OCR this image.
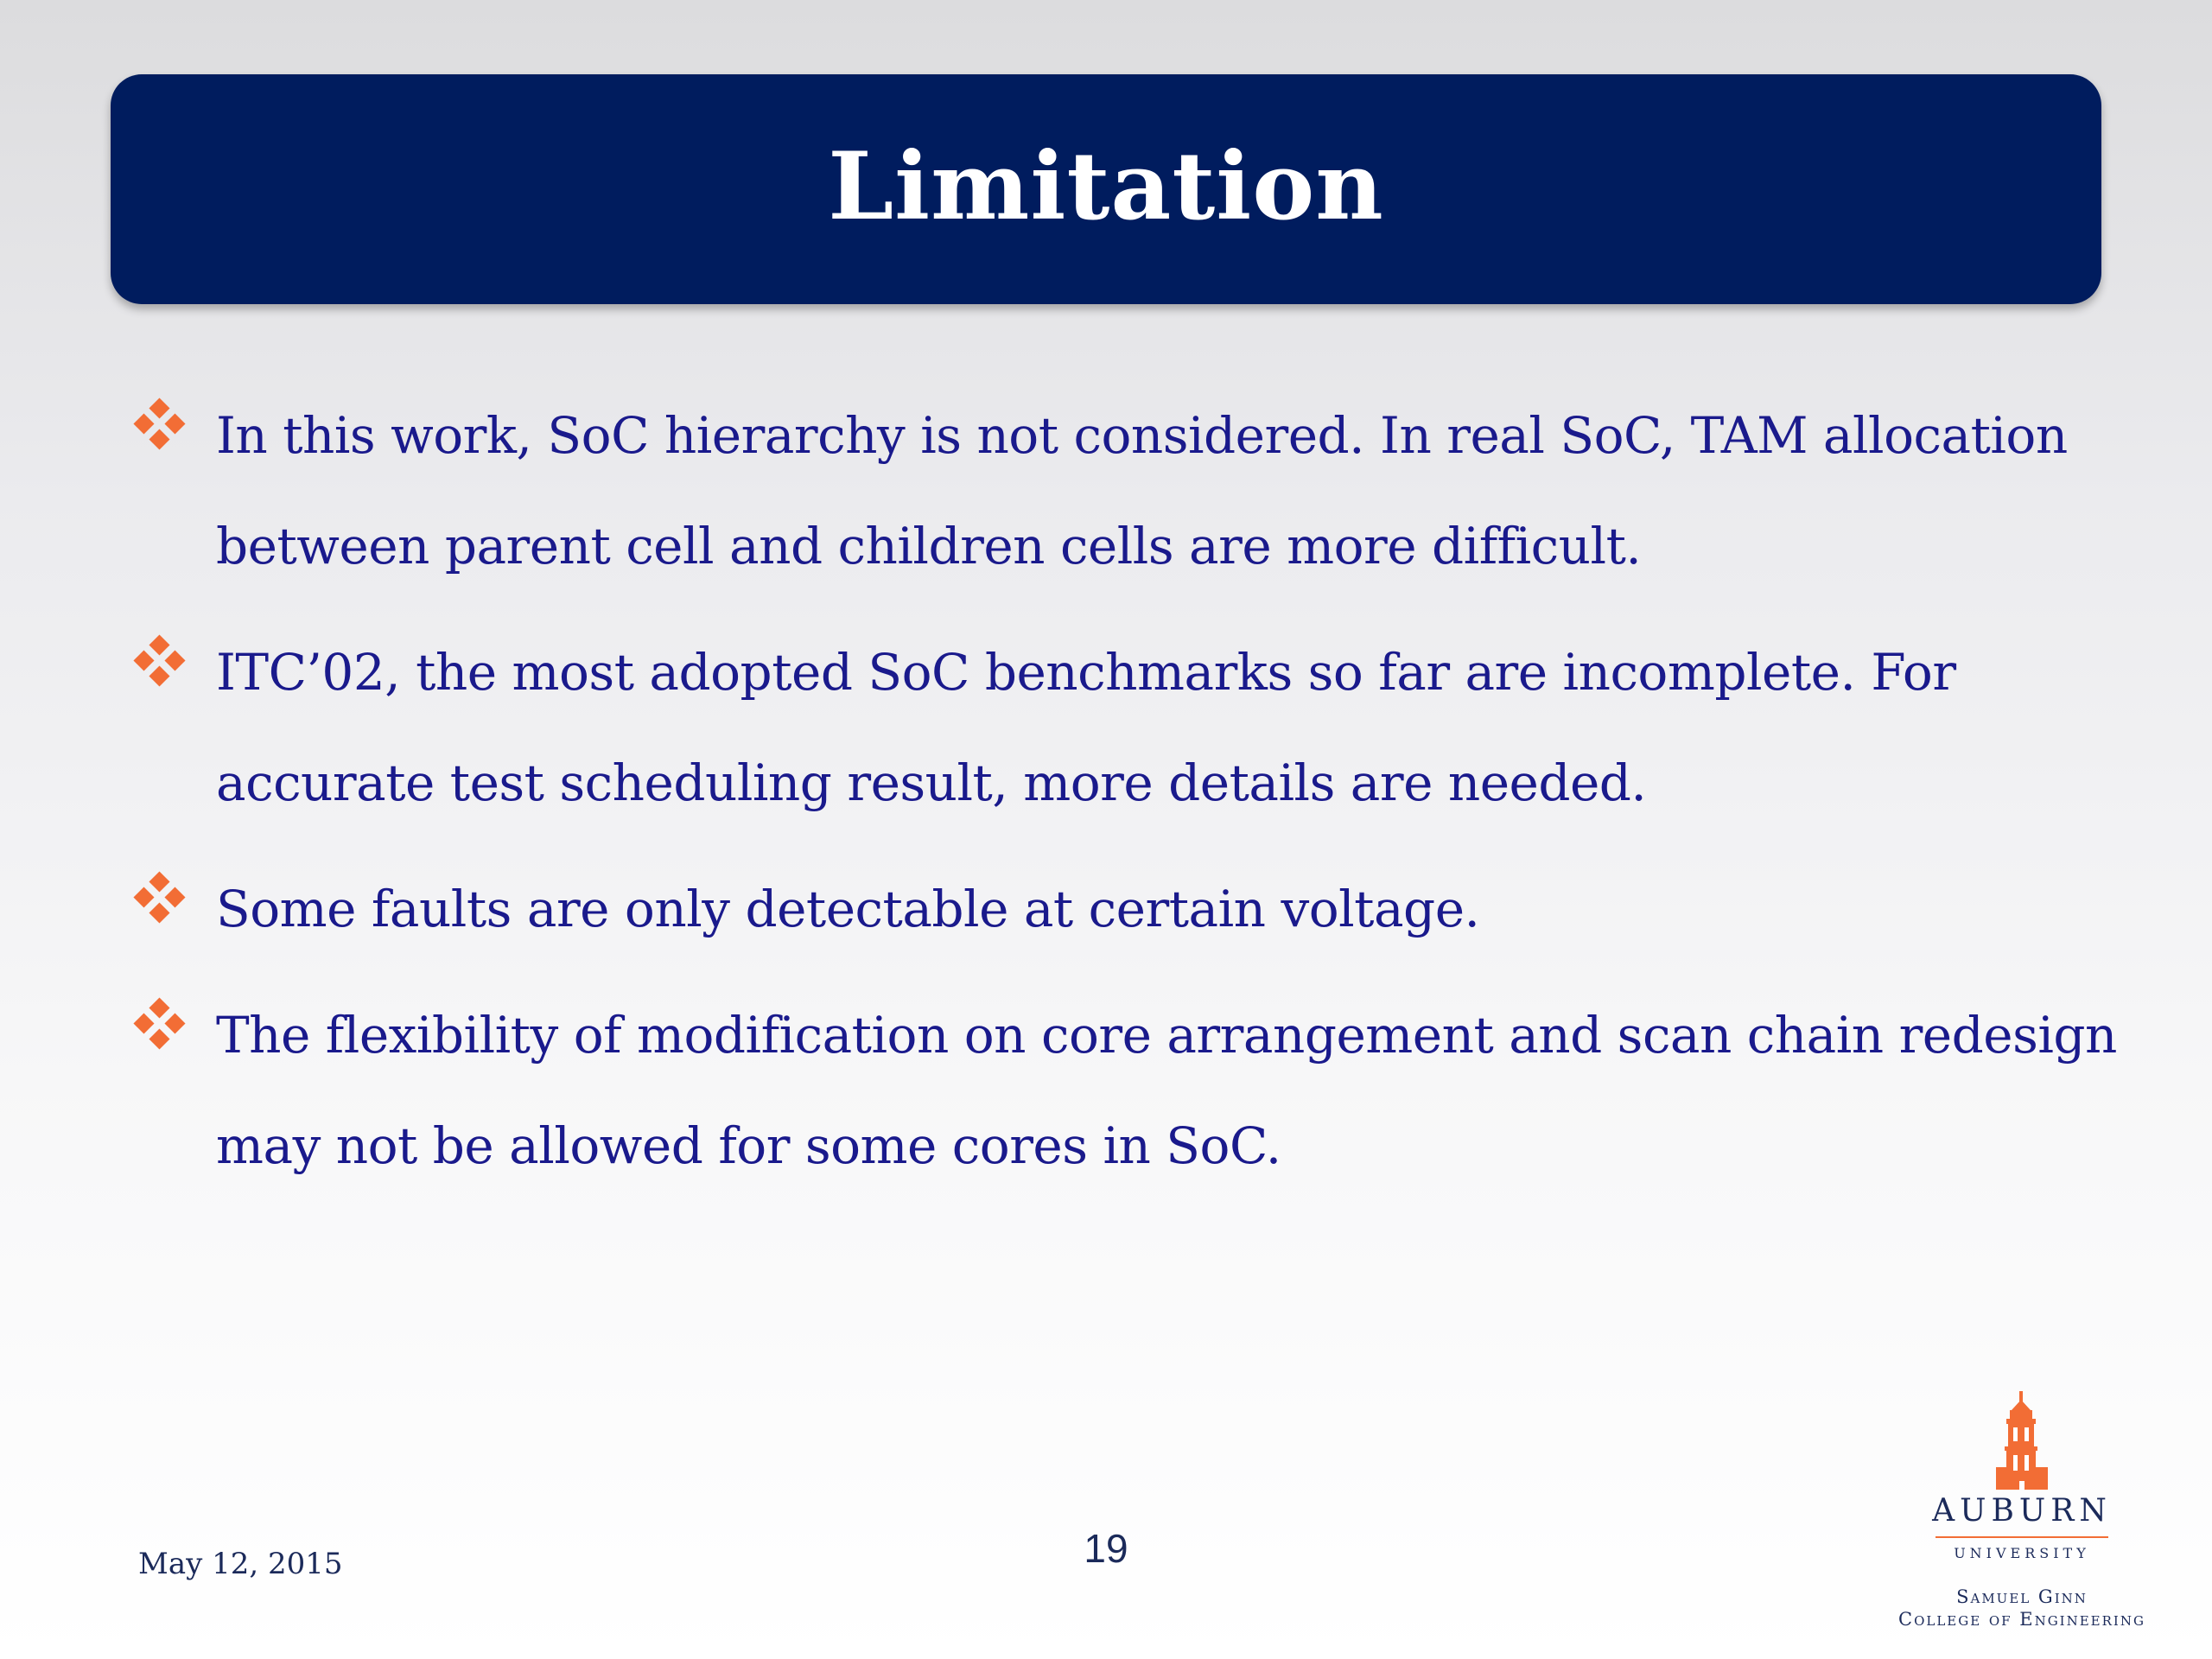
Limitation
In this work, SoC hierarchy is not considered. In real SoC, TAM allocation between parent cell and children cells are more difficult.
ITC’02, the most adopted SoC benchmarks so far are incomplete. For accurate test scheduling result, more details are needed.
Some faults are only detectable at certain voltage.
The flexibility of modification on core arrangement and scan chain redesign may not be allowed for some cores in SoC.
May 12, 2015	19
AUBURN
UNIVERSITY
Samuel Ginn
College of Engineering
